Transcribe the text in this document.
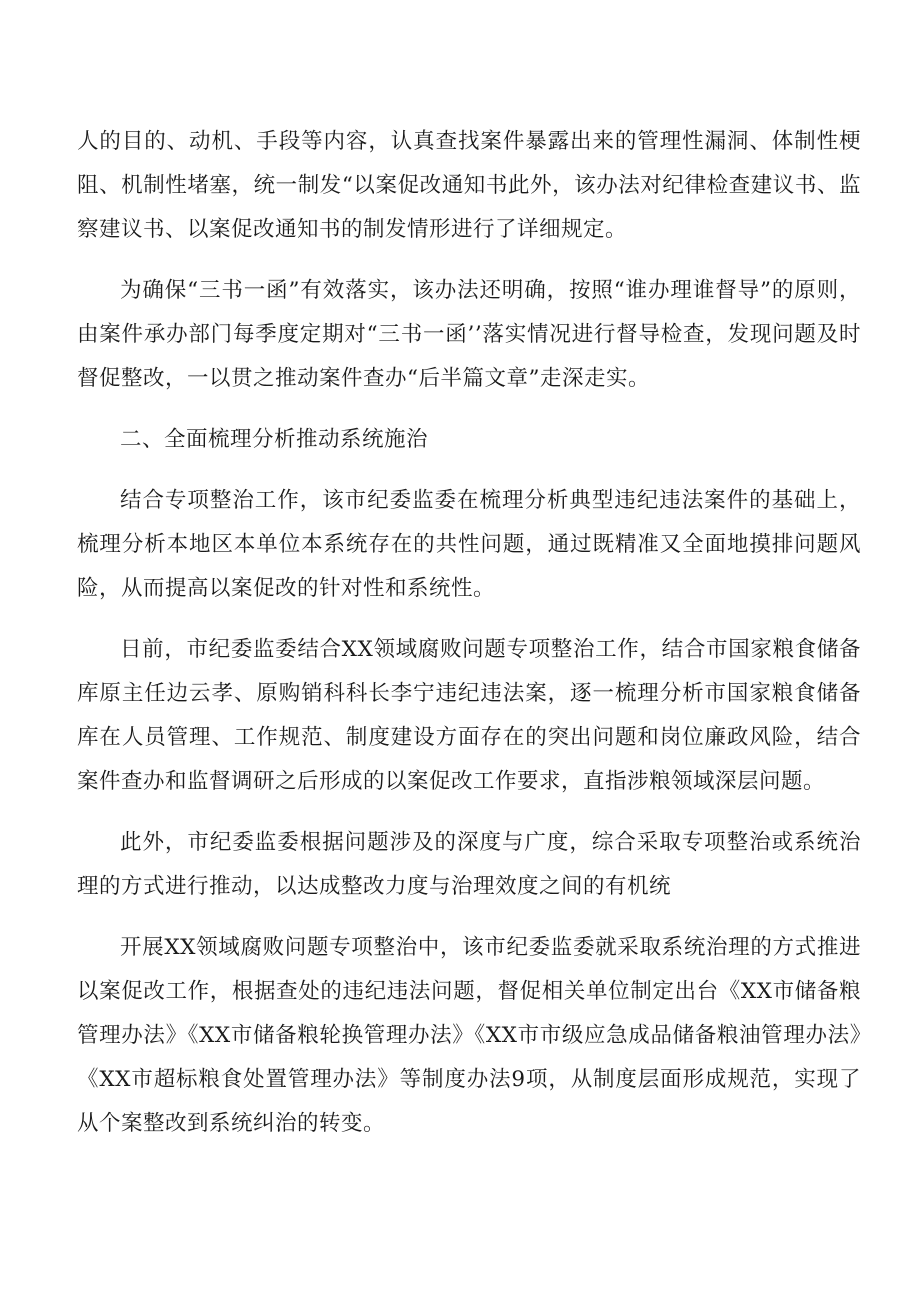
人的目的、动机、手段等内容，认真查找案件暴露出来的管理性漏洞、体制性梗阻、机制性堵塞，统一制发“以案促改通知书此外，该办法对纪律检查建议书、监察建议书、以案促改通知书的制发情形进行了详细规定。

为确保“三书一函”有效落实，该办法还明确，按照“谁办理谁督导”的原则，由案件承办部门每季度定期对“三书一函’’落实情况进行督导检查，发现问题及时督促整改，一以贯之推动案件查办“后半篇文章”走深走实。

二、全面梳理分析推动系统施治

结合专项整治工作，该市纪委监委在梳理分析典型违纪违法案件的基础上，梳理分析本地区本单位本系统存在的共性问题，通过既精准又全面地摸排问题风险，从而提高以案促改的针对性和系统性。

日前，市纪委监委结合XX领域腐败问题专项整治工作，结合市国家粮食储备库原主任边云孝、原购销科科长李宁违纪违法案，逐一梳理分析市国家粮食储备库在人员管理、工作规范、制度建设方面存在的突出问题和岗位廉政风险，结合案件查办和监督调研之后形成的以案促改工作要求，直指涉粮领域深层问题。

此外，市纪委监委根据问题涉及的深度与广度，综合采取专项整治或系统治理的方式进行推动，以达成整改力度与治理效度之间的有机统

开展XX领域腐败问题专项整治中，该市纪委监委就采取系统治理的方式推进以案促改工作，根据查处的违纪违法问题，督促相关单位制定出台《XX市储备粮管理办法》《XX市储备粮轮换管理办法》《XX市市级应急成品储备粮油管理办法》《XX市超标粮食处置管理办法》等制度办法9项，从制度层面形成规范，实现了从个案整改到系统纠治的转变。
